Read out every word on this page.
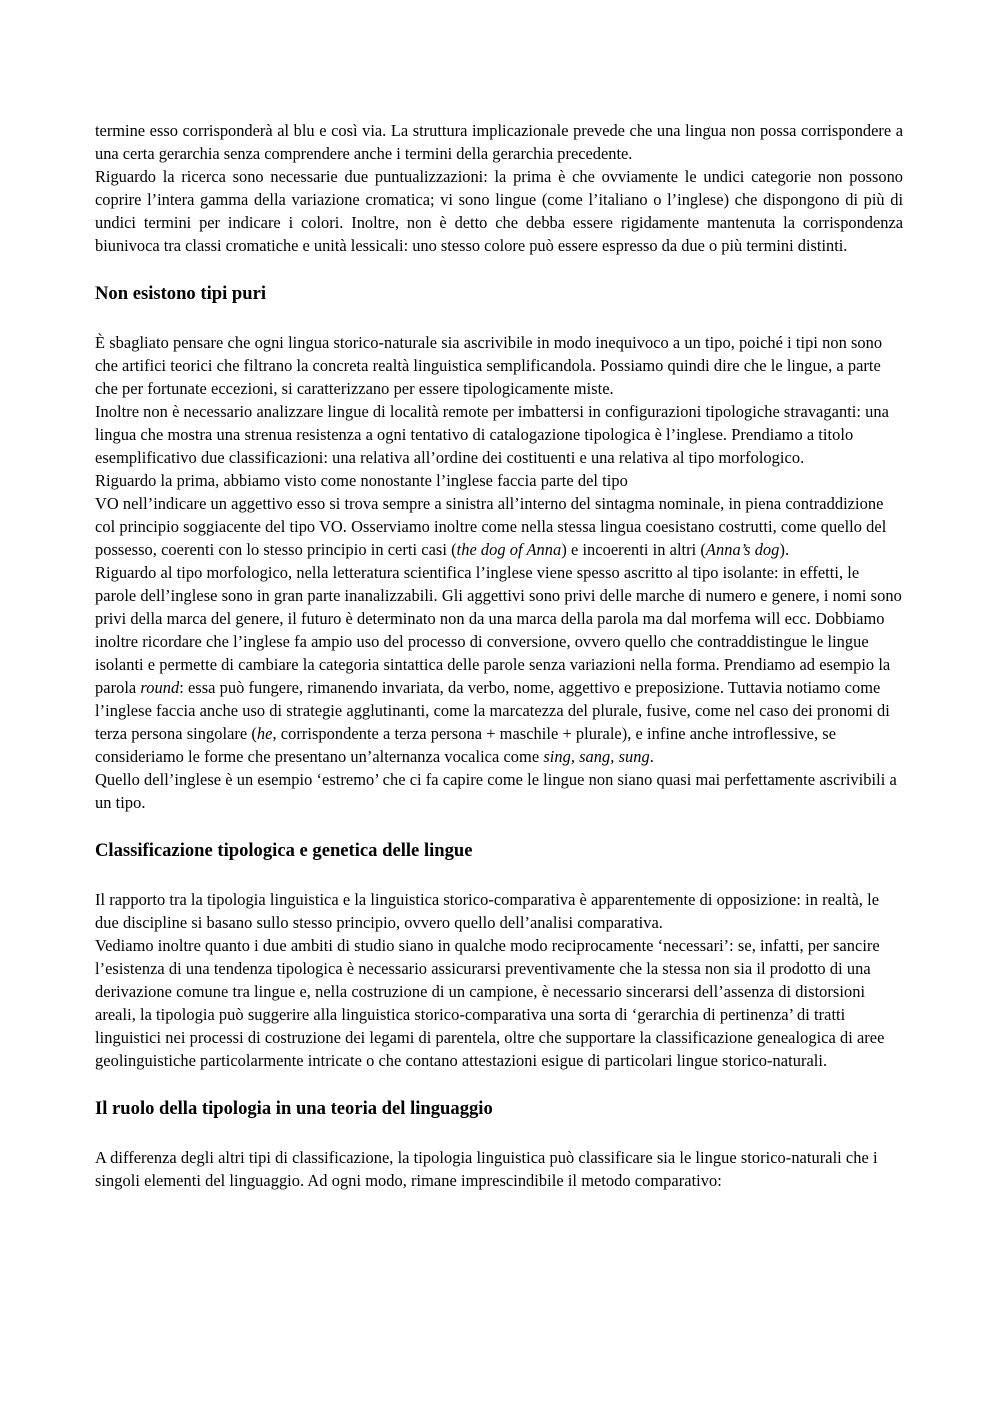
termine esso corrisponderà al blu e così via. La struttura implicazionale prevede che una lingua non possa corrispondere a una certa gerarchia senza comprendere anche i termini della gerarchia precedente.

Riguardo la ricerca sono necessarie due puntualizzazioni: la prima è che ovviamente le undici categorie non possono coprire l’intera gamma della variazione cromatica; vi sono lingue (come l’italiano o l’inglese) che dispongono di più di undici termini per indicare i colori. Inoltre, non è detto che debba essere rigidamente mantenuta la corrispondenza biunivoca tra classi cromatiche e unità lessicali: uno stesso colore può essere espresso da due o più termini distinti.

Non esistono tipi puri

È sbagliato pensare che ogni lingua storico-naturale sia ascrivibile in modo inequivoco a un tipo, poiché i tipi non sono che artifici teorici che filtrano la concreta realtà linguistica semplificandola. Possiamo quindi dire che le lingue, a parte che per fortunate eccezioni, si caratterizzano per essere tipologicamente miste.

Inoltre non è necessario analizzare lingue di località remote per imbattersi in configurazioni tipologiche stravaganti: una lingua che mostra una strenua resistenza a ogni tentativo di catalogazione tipologica è l’inglese. Prendiamo a titolo esemplificativo due classificazioni: una relativa all’ordine dei costituenti e una relativa al tipo morfologico.

Riguardo la prima, abbiamo visto come nonostante l’inglese faccia parte del tipo

VO nell’indicare un aggettivo esso si trova sempre a sinistra all’interno del sintagma nominale, in piena contraddizione col principio soggiacente del tipo VO. Osserviamo inoltre come nella stessa lingua coesistano costrutti, come quello del possesso, coerenti con lo stesso principio in certi casi (the dog of Anna) e incoerenti in altri (Anna’s dog).

Riguardo al tipo morfologico, nella letteratura scientifica l’inglese viene spesso ascritto al tipo isolante: in effetti, le parole dell’inglese sono in gran parte inanalizzabili. Gli aggettivi sono privi delle marche di numero e genere, i nomi sono privi della marca del genere, il futuro è determinato non da una marca della parola ma dal morfema will ecc. Dobbiamo inoltre ricordare che l’inglese fa ampio uso del processo di conversione, ovvero quello che contraddistingue le lingue isolanti e permette di cambiare la categoria sintattica delle parole senza variazioni nella forma. Prendiamo ad esempio la parola round: essa può fungere, rimanendo invariata, da verbo, nome, aggettivo e preposizione. Tuttavia notiamo come l’inglese faccia anche uso di strategie agglutinanti, come la marcatezza del plurale, fusive, come nel caso dei pronomi di terza persona singolare (he, corrispondente a terza persona + maschile + plurale), e infine anche introflessive, se consideriamo le forme che presentano un’alternanza vocalica come sing, sang, sung.

Quello dell’inglese è un esempio ‘estremo’ che ci fa capire come le lingue non siano quasi mai perfettamente ascrivibili a un tipo.

Classificazione tipologica e genetica delle lingue

Il rapporto tra la tipologia linguistica e la linguistica storico-comparativa è apparentemente di opposizione: in realtà, le due discipline si basano sullo stesso principio, ovvero quello dell’analisi comparativa.

Vediamo inoltre quanto i due ambiti di studio siano in qualche modo reciprocamente ‘necessari’: se, infatti, per sancire l’esistenza di una tendenza tipologica è necessario assicurarsi preventivamente che la stessa non sia il prodotto di una derivazione comune tra lingue e, nella costruzione di un campione, è necessario sincerarsi dell’assenza di distorsioni areali, la tipologia può suggerire alla linguistica storico-comparativa una sorta di ‘gerarchia di pertinenza’ di tratti linguistici nei processi di costruzione dei legami di parentela, oltre che supportare la classificazione genealogica di aree geolinguistiche particolarmente intricate o che contano attestazioni esigue di particolari lingue storico-naturali.

Il ruolo della tipologia in una teoria del linguaggio

A differenza degli altri tipi di classificazione, la tipologia linguistica può classificare sia le lingue storico-naturali che i singoli elementi del linguaggio. Ad ogni modo, rimane imprescindibile il metodo comparativo:
